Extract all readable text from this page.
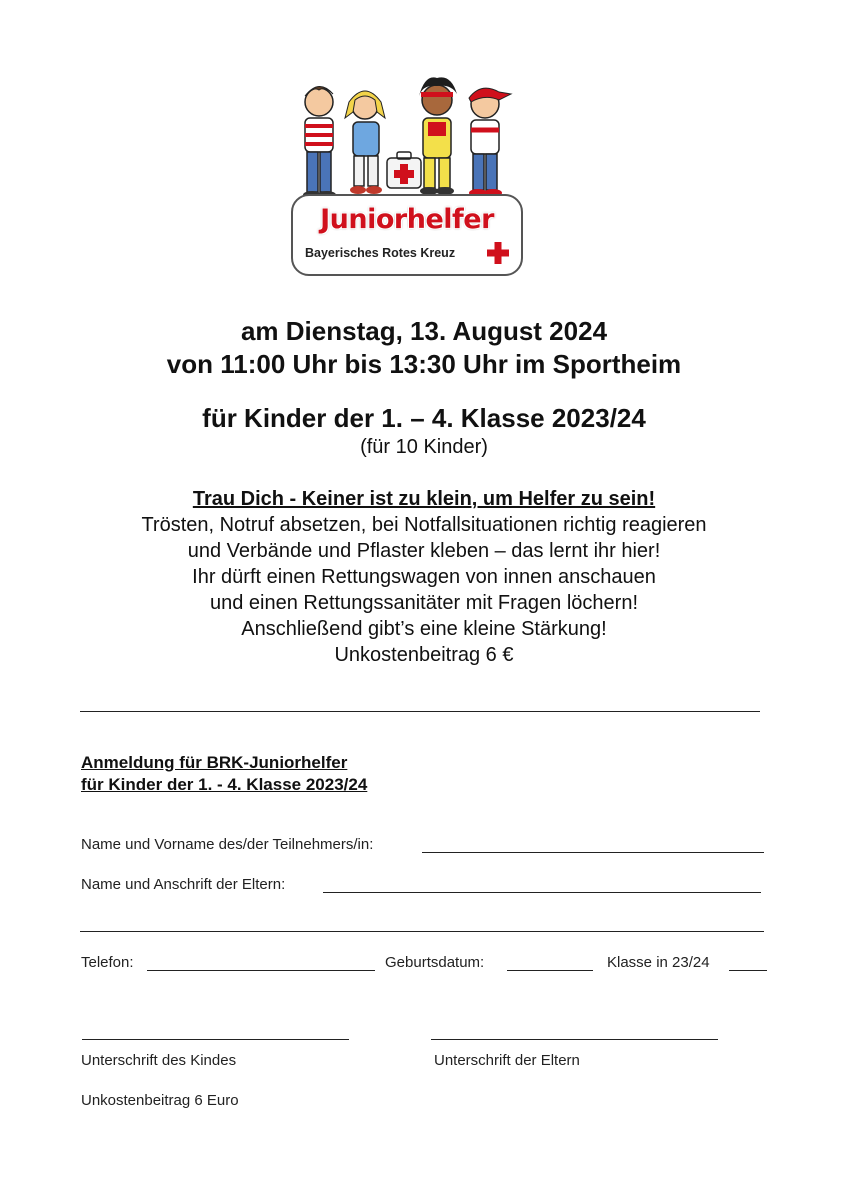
Juniorhelfer
Bayerisches Rotes Kreuz
am Dienstag, 13. August 2024
von 11:00 Uhr bis 13:30 Uhr im Sportheim
für Kinder der 1. – 4. Klasse 2023/24
(für 10 Kinder)
Trau Dich - Keiner ist zu klein, um Helfer zu sein!
Trösten, Notruf absetzen, bei Notfallsituationen richtig reagieren
und Verbände und Pflaster kleben – das lernt ihr hier!
Ihr dürft einen Rettungswagen von innen anschauen
und einen Rettungssanitäter mit Fragen löchern!
Anschließend gibt’s eine kleine Stärkung!
Unkostenbeitrag 6 €
Anmeldung für BRK-Juniorhelfer
für Kinder der 1. - 4. Klasse 2023/24
Name und Vorname des/der Teilnehmers/in:
Name und Anschrift der Eltern:
Telefon:	Geburtsdatum:	Klasse in 23/24
Unterschrift des Kindes	Unterschrift der Eltern
Unkostenbeitrag 6 Euro
